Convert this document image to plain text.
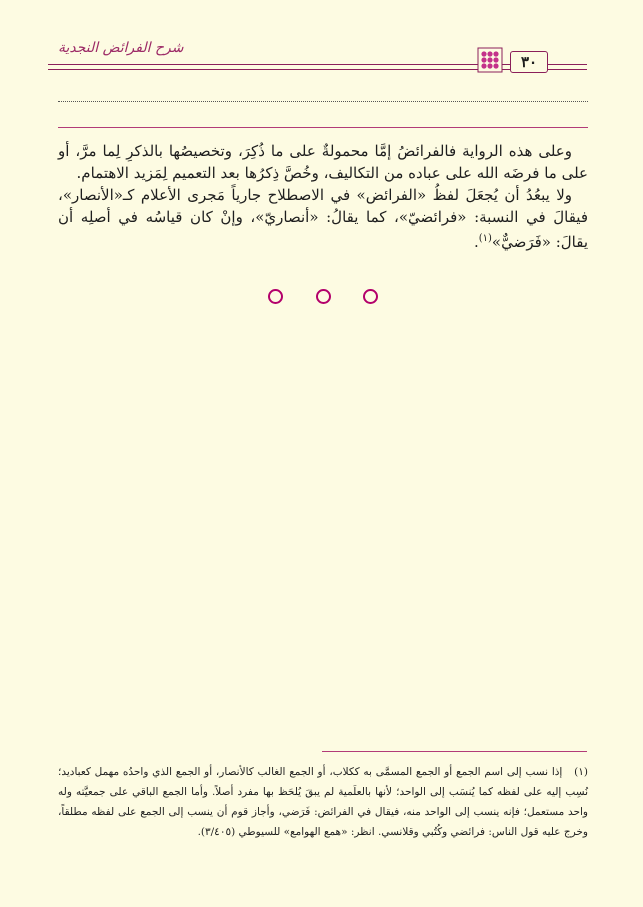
شرح الفرائض النجدية
٣٠

وعلى هذه الرواية فالفرائضُ إمَّا محمولةٌ على ما ذُكِرَ، وتخصيصُها بالذكرِ لِما مرَّ، أو على ما فرضَه الله على عباده من التكاليف، وخُصَّ ذِكرُها بعد التعميم لِمَزيد الاهتمام.

ولا يبعُدُ أن يُجعَلَ لفظُ «الفرائض» في الاصطلاح جارياً مَجرى الأعلام كـ«الأنصار»، فيقالَ في النسبة: «فرائضيّ»، كما يقالُ: «أنصاريّ»، وإنْ كان قياسُه في أصلِه أن يقالَ: «فَرَضيٌّ»$^{(١)}$.

(١) إذا نسب إلى اسم الجمع أو الجمع المسمَّى به ككلاب، أو الجمع الغالب كالأنصار، أو الجمع الذي واحدُه مهمل كعباديد؛ نُسِب إليه على لفظه كما يُنسَب إلى الواحد؛ لأنها بالعلَمية لم يبقَ يُلحَظ بها مفرد أصلاً. وأما الجمع الباقي على جمعيَّته وله واحد مستعمل؛ فإنه ينسب إلى الواحد منه، فيقال في الفرائض: فَرَضي، وأجاز قوم أن ينسب إلى الجمع على لفظه مطلقاً، وخرج عليه قول الناس: فرائضي وكُتُبي وقلانسي. انظر: «همع الهوامع» للسيوطي (٣/٤٠٥).
